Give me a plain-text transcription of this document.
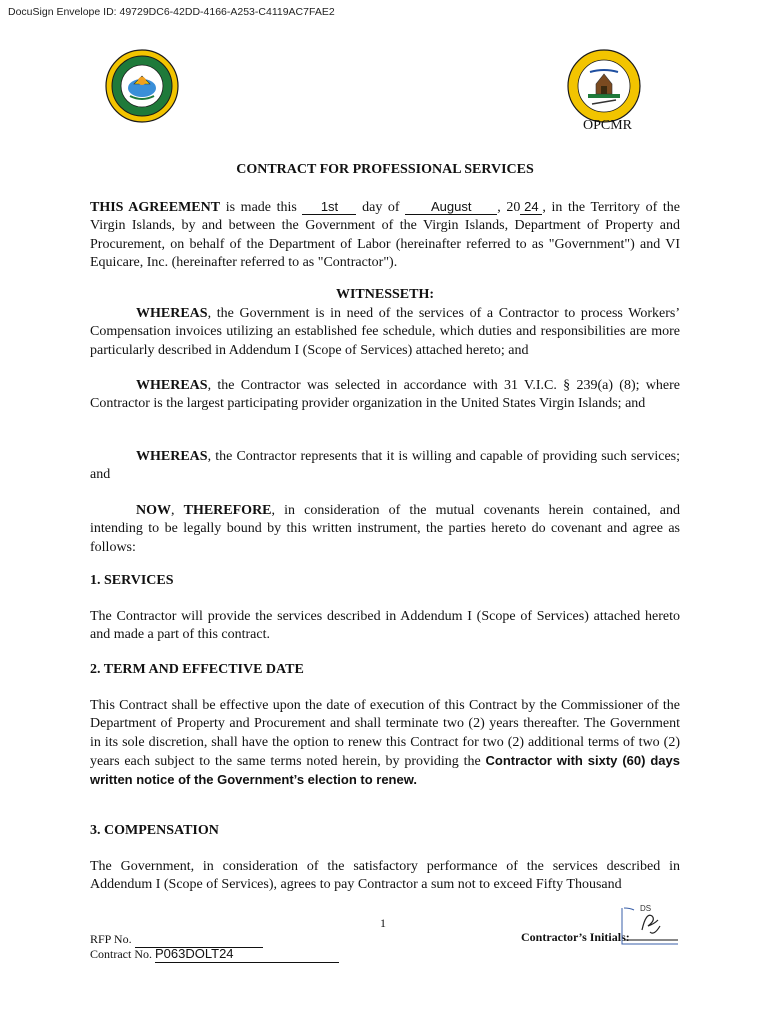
DocuSign Envelope ID: 49729DC6-42DD-4166-A253-C4119AC7FAE2
OPCMR
CONTRACT FOR PROFESSIONAL SERVICES
THIS AGREEMENT is made this 1st day of August , 20 24 , in the Territory of the Virgin Islands, by and between the Government of the Virgin Islands, Department of Property and Procurement, on behalf of the Department of Labor (hereinafter referred to as "Government") and VI Equicare, Inc. (hereinafter referred to as "Contractor").
WITNESSETH:
WHEREAS, the Government is in need of the services of a Contractor to process Workers’ Compensation invoices utilizing an established fee schedule, which duties and responsibilities are more particularly described in Addendum I (Scope of Services) attached hereto; and
WHEREAS, the Contractor was selected in accordance with 31 V.I.C. § 239(a) (8); where Contractor is the largest participating provider organization in the United States Virgin Islands; and
WHEREAS, the Contractor represents that it is willing and capable of providing such services; and
NOW, THEREFORE, in consideration of the mutual covenants herein contained, and intending to be legally bound by this written instrument, the parties hereto do covenant and agree as follows:
1. SERVICES
The Contractor will provide the services described in Addendum I (Scope of Services) attached hereto and made a part of this contract.
2. TERM AND EFFECTIVE DATE
This Contract shall be effective upon the date of execution of this Contract by the Commissioner of the Department of Property and Procurement and shall terminate two (2) years thereafter. The Government in its sole discretion, shall have the option to renew this Contract for two (2) additional terms of two (2) years each subject to the same terms noted herein, by providing the Contractor with sixty (60) days written notice of the Government’s election to renew.
3. COMPENSATION
The Government, in consideration of the satisfactory performance of the services described in Addendum I (Scope of Services), agrees to pay Contractor a sum not to exceed Fifty Thousand
1
RFP No.
Contract No. P063DOLT24
Contractor’s Initials:
DS
